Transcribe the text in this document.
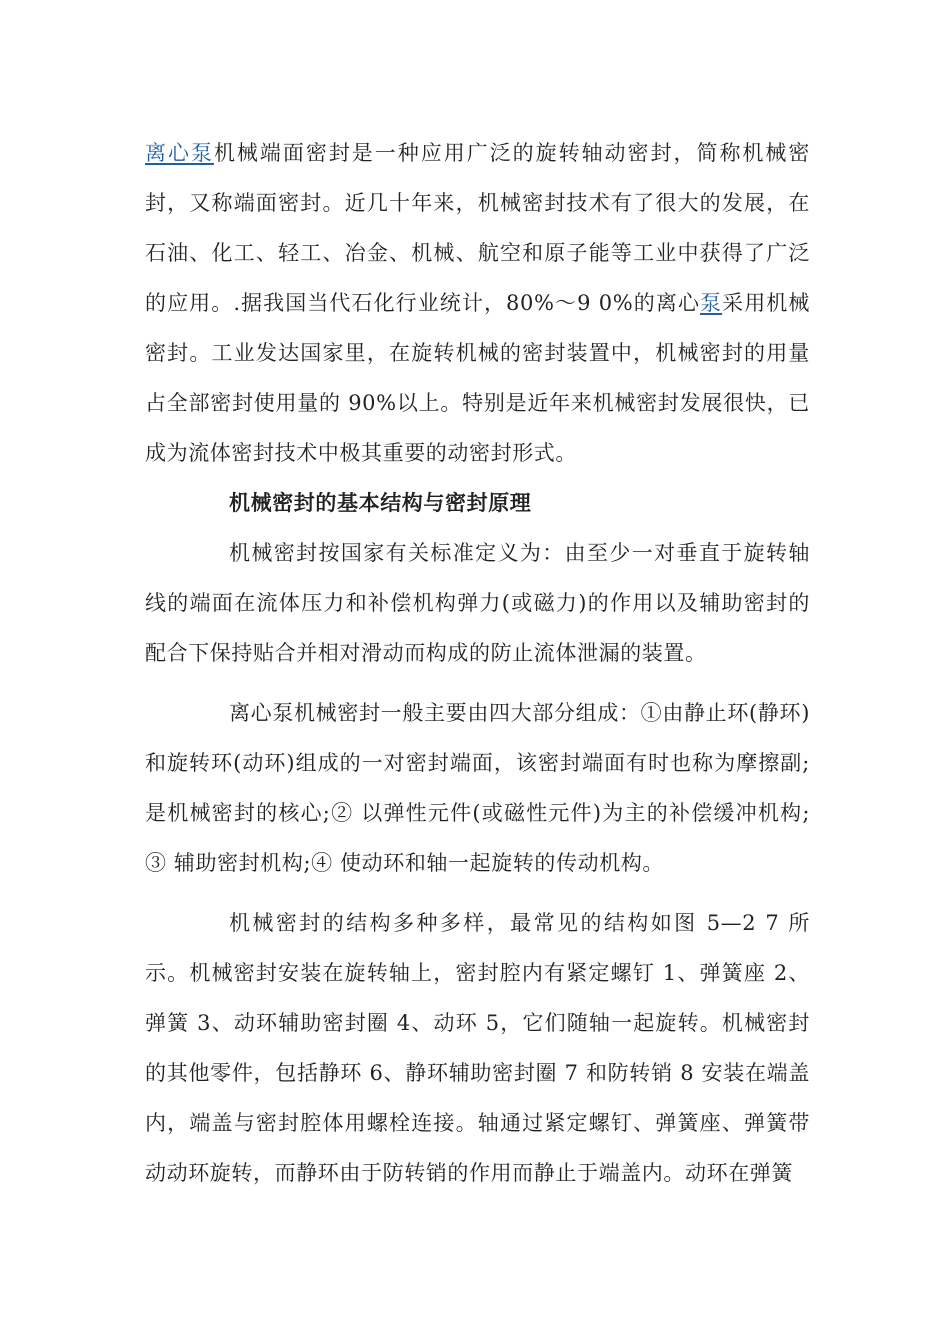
离心泵机械端面密封是一种应用广泛的旋转轴动密封，简称机械密封，又称端面密封。近几十年来，机械密封技术有了很大的发展，在石油、化工、轻工、冶金、机械、航空和原子能等工业中获得了广泛的应用。.据我国当代石化行业统计，80%～9 0%的离心泵采用机械密封。工业发达国家里，在旋转机械的密封装置中，机械密封的用量占全部密封使用量的 90%以上。特别是近年来机械密封发展很快，已成为流体密封技术中极其重要的动密封形式。

机械密封的基本结构与密封原理

机械密封按国家有关标准定义为：由至少一对垂直于旋转轴线的端面在流体压力和补偿机构弹力(或磁力)的作用以及辅助密封的配合下保持贴合并相对滑动而构成的防止流体泄漏的装置。

离心泵机械密封一般主要由四大部分组成：①由静止环(静环)和旋转环(动环)组成的一对密封端面，该密封端面有时也称为摩擦副;是机械密封的核心;② 以弹性元件(或磁性元件)为主的补偿缓冲机构;③ 辅助密封机构;④ 使动环和轴一起旋转的传动机构。

机械密封的结构多种多样，最常见的结构如图 5—2 7 所示。机械密封安装在旋转轴上，密封腔内有紧定螺钉 1、弹簧座 2、弹簧 3、动环辅助密封圈 4、动环 5，它们随轴一起旋转。机械密封的其他零件，包括静环 6、静环辅助密封圈 7 和防转销 8 安装在端盖内，端盖与密封腔体用螺栓连接。轴通过紧定螺钉、弹簧座、弹簧带动动环旋转，而静环由于防转销的作用而静止于端盖内。动环在弹簧
